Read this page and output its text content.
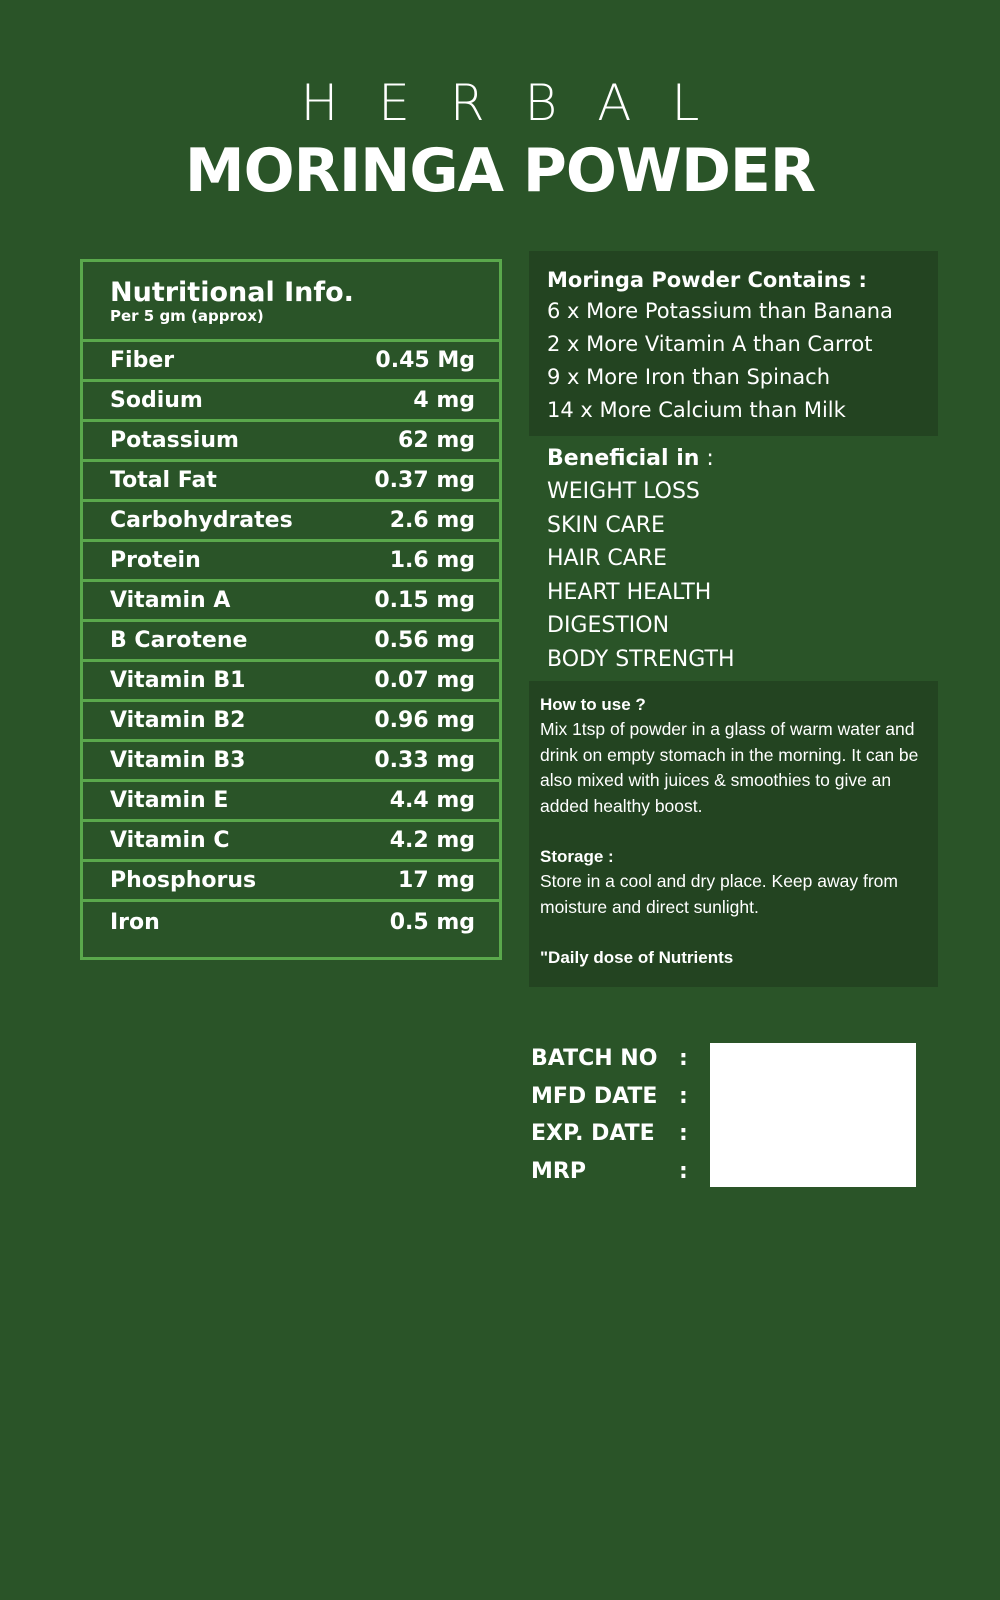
HERBAL
MORINGA POWDER
Nutritional Info.
Per 5 gm (approx)
Fiber	0.45 Mg
Sodium	4 mg
Potassium	62 mg
Total Fat	0.37 mg
Carbohydrates	2.6 mg
Protein	1.6 mg
Vitamin A	0.15 mg
B Carotene	0.56 mg
Vitamin B1	0.07 mg
Vitamin B2	0.96 mg
Vitamin B3	0.33 mg
Vitamin E	4.4 mg
Vitamin C	4.2 mg
Phosphorus	17 mg
Iron	0.5 mg
Moringa Powder Contains :
6 x More Potassium than Banana
2 x More Vitamin A than Carrot
9 x More Iron than Spinach
14 x More Calcium than Milk
Beneficial in :
WEIGHT LOSS
SKIN CARE
HAIR CARE
HEART HEALTH
DIGESTION
BODY STRENGTH
How to use ?
Mix 1tsp of powder in a glass of warm water and drink on empty stomach in the morning. It can be also mixed with juices & smoothies to give an added healthy boost.
Storage :
Store in a cool and dry place. Keep away from moisture and direct sunlight.
"Daily dose of Nutrients
BATCH NO :
MFD DATE :
EXP. DATE	:
MRP	:
